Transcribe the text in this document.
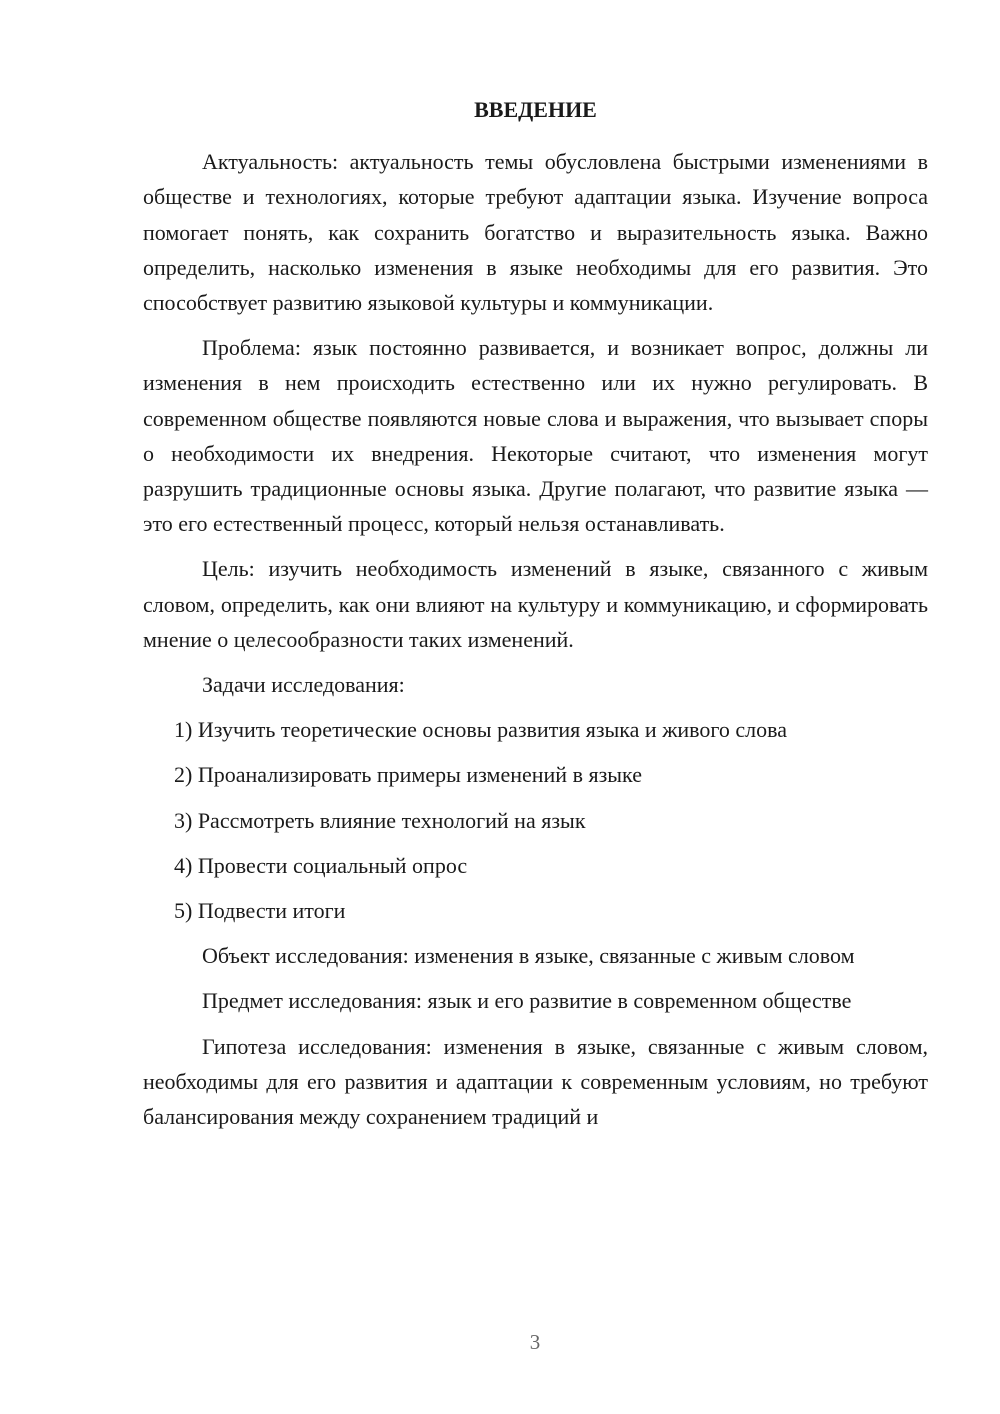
ВВЕДЕНИЕ

Актуальность: актуальность темы обусловлена быстрыми изменениями в обществе и технологиях, которые требуют адаптации языка. Изучение вопроса помогает понять, как сохранить богатство и выразительность языка. Важно определить, насколько изменения в языке необходимы для его развития. Это способствует развитию языковой культуры и коммуникации.

Проблема: язык постоянно развивается, и возникает вопрос, должны ли изменения в нем происходить естественно или их нужно регулировать. В современном обществе появляются новые слова и выражения, что вызывает споры о необходимости их внедрения. Некоторые считают, что изменения могут разрушить традиционные основы языка. Другие полагают, что развитие языка — это его естественный процесс, который нельзя останавливать.

Цель: изучить необходимость изменений в языке, связанного с живым словом, определить, как они влияют на культуру и коммуникацию, и сформировать мнение о целесообразности таких изменений.

Задачи исследования:

1) Изучить теоретические основы развития языка и живого слова

2) Проанализировать примеры изменений в языке

3) Рассмотреть влияние технологий на язык

4) Провести социальный опрос

5) Подвести итоги

Объект исследования: изменения в языке, связанные с живым словом

Предмет исследования: язык и его развитие в современном обществе

Гипотеза исследования: изменения в языке, связанные с живым словом, необходимы для его развития и адаптации к современным условиям, но требуют балансирования между сохранением традиций и

3
